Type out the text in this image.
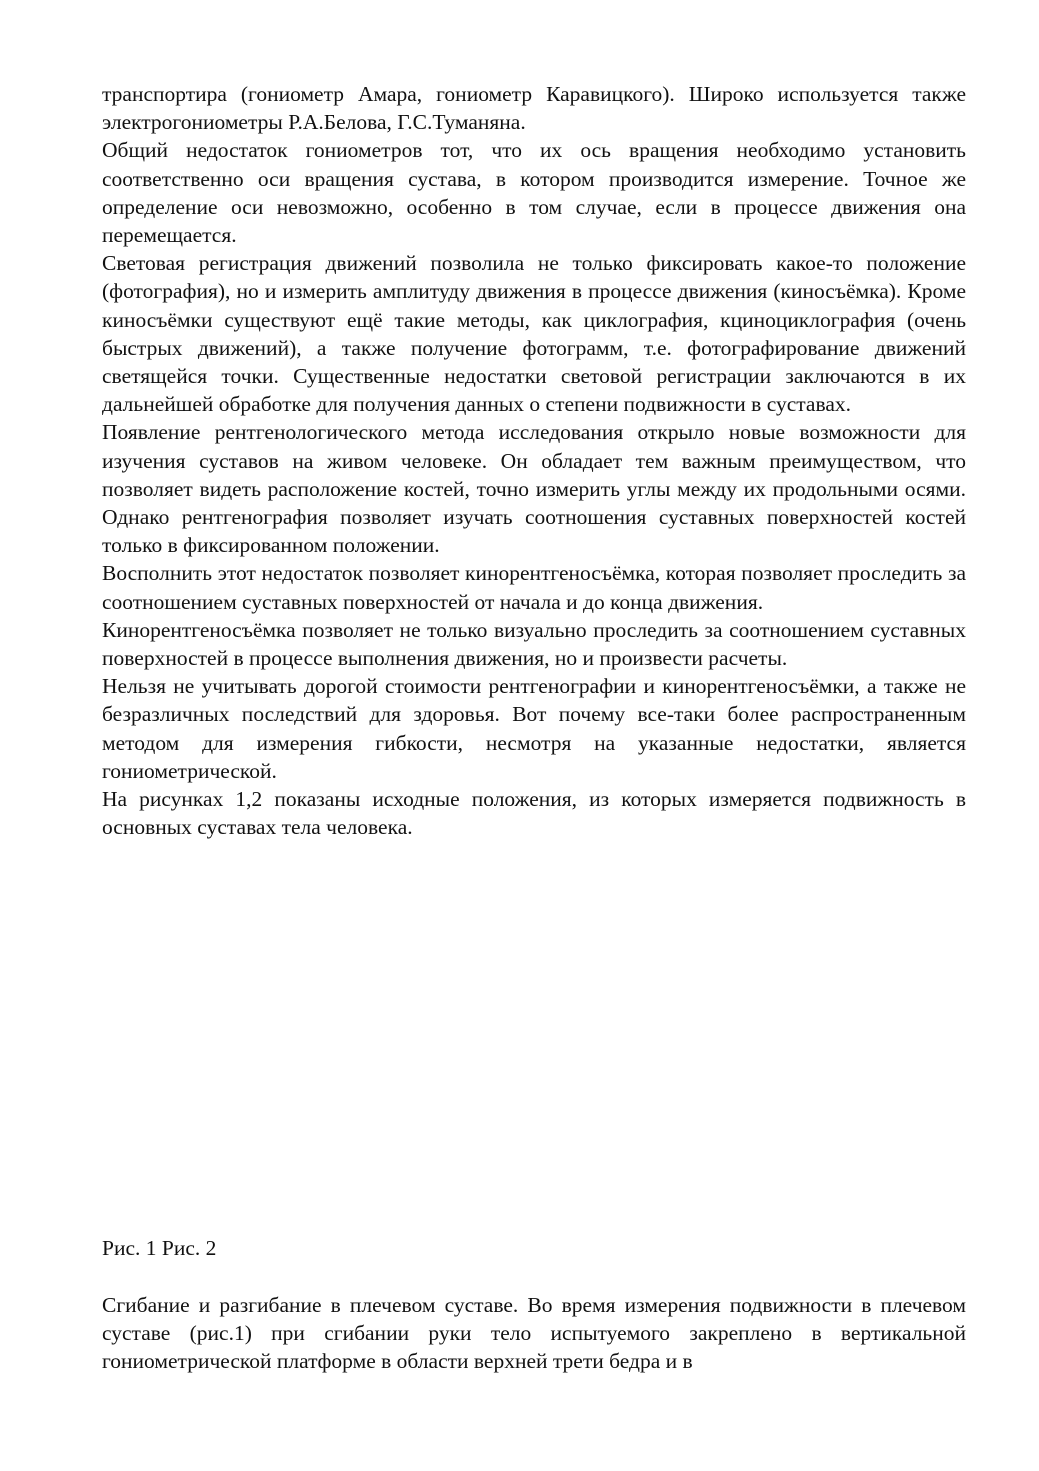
транспортира (гониометр Амара, гониометр Каравицкого). Широко используется также электрогониометры Р.А.Белова, Г.С.Туманяна.

Общий недостаток гониометров тот, что их ось вращения необходимо установить соответственно оси вращения сустава, в котором производится измерение. Точное же определение оси невозможно, особенно в том случае, если в процессе движения она перемещается.

Световая регистрация движений позволила не только фиксировать какое-то положение (фотография), но и измерить амплитуду движения в процессе движения (киносъёмка). Кроме киносъёмки существуют ещё такие методы, как циклография, кциноциклография (очень быстрых движений), а также получение фотограмм, т.е. фотографирование движений светящейся точки. Существенные недостатки световой регистрации заключаются в их дальнейшей обработке для получения данных о степени подвижности в суставах.

Появление рентгенологического метода исследования открыло новые возможности для изучения суставов на живом человеке. Он обладает тем важным преимуществом, что позволяет видеть расположение костей, точно измерить углы между их продольными осями. Однако рентгенография позволяет изучать соотношения суставных поверхностей костей только в фиксированном положении.

Восполнить этот недостаток позволяет кинорентгеносъёмка, которая позволяет проследить за соотношением суставных поверхностей от начала и до конца движения.

Кинорентгеносъёмка позволяет не только визуально проследить за соотношением суставных поверхностей в процессе выполнения движения, но и произвести расчеты.

Нельзя не учитывать дорогой стоимости рентгенографии и кинорентгеносъёмки, а также не безразличных последствий для здоровья. Вот почему все-таки более распространенным методом для измерения гибкости, несмотря на указанные недостатки, является гониометрической.

На рисунках 1,2 показаны исходные положения, из которых измеряется подвижность в основных суставах тела человека.

Рис. 1 Рис. 2

Сгибание и разгибание в плечевом суставе. Во время измерения подвижности в плечевом суставе (рис.1) при сгибании руки тело испытуемого закреплено в вертикальной гониометрической платформе в области верхней трети бедра и в
